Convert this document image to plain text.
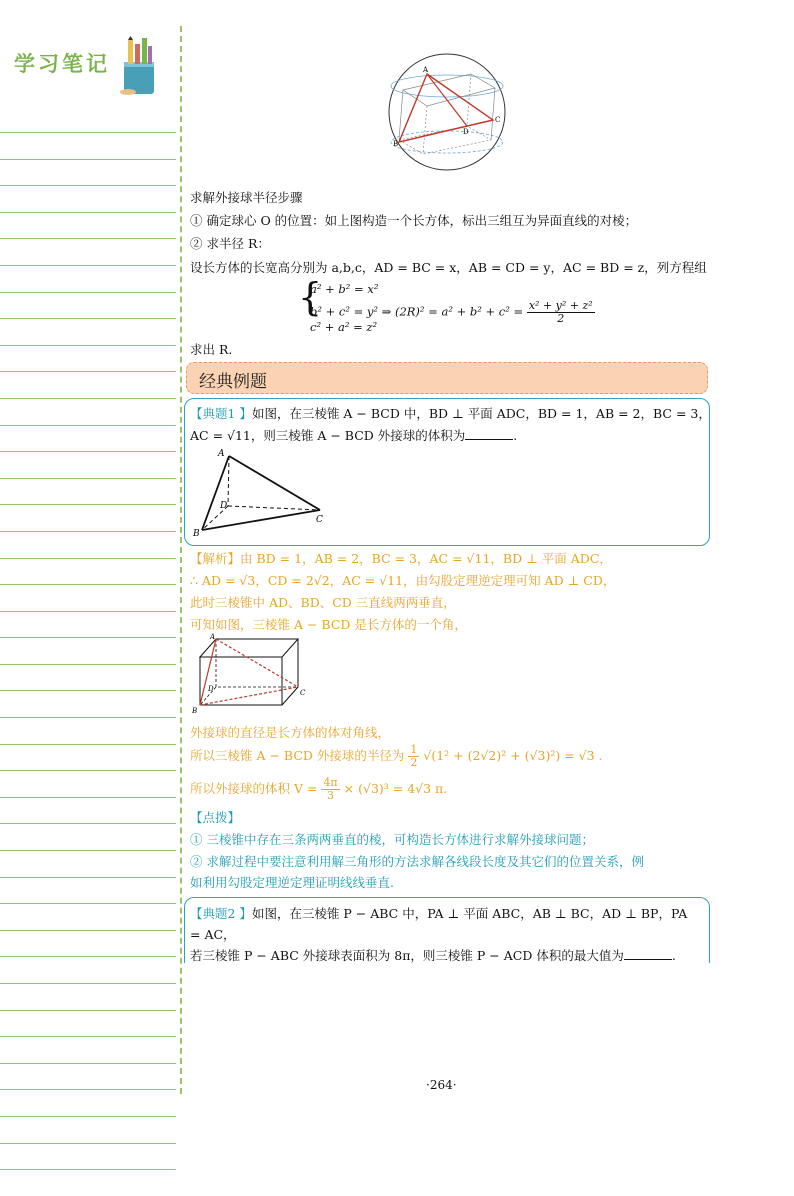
学习笔记	A
B
C
D
求解外接球半径步骤
① 确定球心 O 的位置：如上图构造一个长方体，标出三组互为异面直线的对棱；
② 求半径 R：
设长方体的长宽高分别为 a,b,c，AD = BC = x，AB = CD = y，AC = BD = z，列方程组
{
a² + b² = x²
b² + c² = y² ⇒ $(2R)^2 = a^2 + b^2 + c^2 = \frac{\text{x² + y² + z²}}{2}$
c² + a² = z²
求出 R.
经典例题
【典题1 】如图，在三棱锥 A − BCD 中，BD ⊥ 平面 ADC，BD = 1，AB = 2，BC = 3，
AC = √11，则三棱锥 A − BCD 外接球的体积为	.
A
B
C
D
【解析】由 BD = 1，AB = 2，BC = 3，AC = √11，BD ⊥ 平面 ADC，
∴ AD = √3，CD = 2√2，AC = √11，由勾股定理逆定理可知 AD ⊥ CD，
此时三棱锥中 AD、BD、CD 三直线两两垂直，
可知如图，三棱锥 A − BCD 是长方体的一个角，
A
B
C
D
外接球的直径是长方体的体对角线，
所以三棱锥 A − BCD 外接球的半径为 $\frac{1}{2} √(1^2 + (2√2)^2 + (√3)^2) = √3$ .
所以外接球的体积 $V = \frac{4\pi}{3} \times (√3)^3 = 4√3$ π.
【点拨】
① 三棱锥中存在三条两两垂直的棱，可构造长方体进行求解外接球问题；
② 求解过程中要注意利用解三角形的方法求解各线段长度及其它们的位置关系，例
如利用勾股定理逆定理证明线线垂直.
【典题2 】如图，在三棱锥 P − ABC 中，PA ⊥ 平面 ABC，AB ⊥ BC，AD ⊥ BP，PA
= AC，
若三棱锥 P − ABC 外接球表面积为 8π，则三棱锥 P − ACD 体积的最大值为	.
·264·
